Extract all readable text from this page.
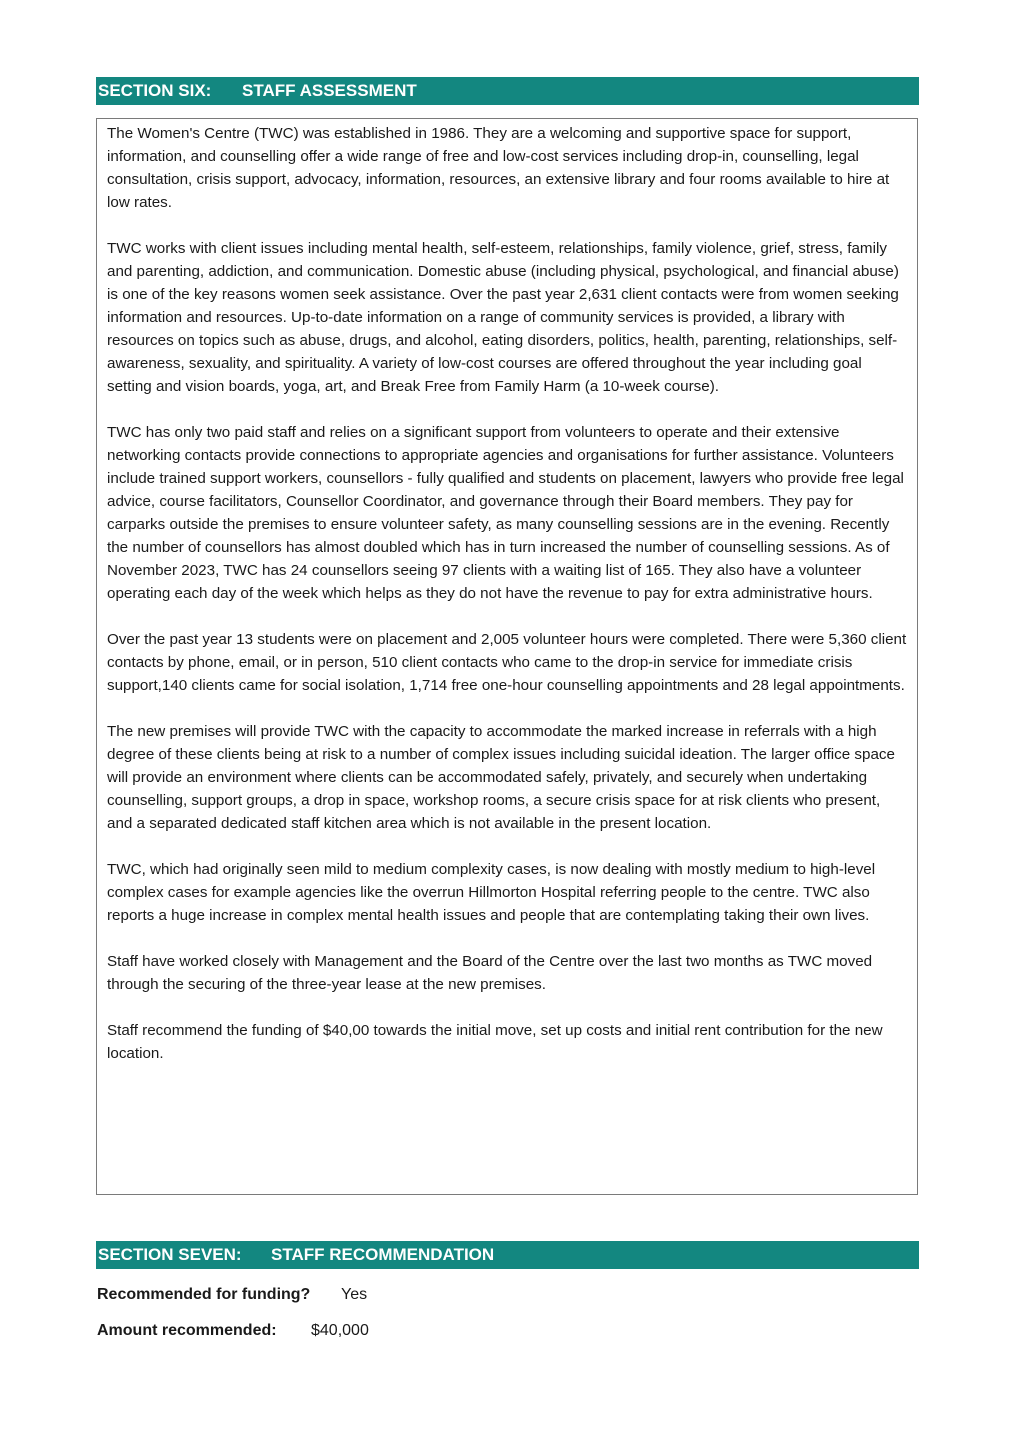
SECTION SIX: STAFF ASSESSMENT

The Women's Centre (TWC) was established in 1986. They are a welcoming and supportive space for support, information, and counselling offer a wide range of free and low-cost services including drop-in, counselling, legal consultation, crisis support, advocacy, information, resources, an extensive library and four rooms available to hire at low rates.

TWC works with client issues including mental health, self-esteem, relationships, family violence, grief, stress, family and parenting, addiction, and communication. Domestic abuse (including physical, psychological, and financial abuse) is one of the key reasons women seek assistance. Over the past year 2,631 client contacts were from women seeking information and resources. Up-to-date information on a range of community services is provided, a library with resources on topics such as abuse, drugs, and alcohol, eating disorders, politics, health, parenting, relationships, self-awareness, sexuality, and spirituality. A variety of low-cost courses are offered throughout the year including goal setting and vision boards, yoga, art, and Break Free from Family Harm (a 10-week course).

TWC has only two paid staff and relies on a significant support from volunteers to operate and their extensive networking contacts provide connections to appropriate agencies and organisations for further assistance. Volunteers include trained support workers, counsellors - fully qualified and students on placement, lawyers who provide free legal advice, course facilitators, Counsellor Coordinator, and governance through their Board members. They pay for carparks outside the premises to ensure volunteer safety, as many counselling sessions are in the evening. Recently the number of counsellors has almost doubled which has in turn increased the number of counselling sessions. As of November 2023, TWC has 24 counsellors seeing 97 clients with a waiting list of 165. They also have a volunteer operating each day of the week which helps as they do not have the revenue to pay for extra administrative hours.

Over the past year 13 students were on placement and 2,005 volunteer hours were completed. There were 5,360 client contacts by phone, email, or in person, 510 client contacts who came to the drop-in service for immediate crisis support,140 clients came for social isolation, 1,714 free one-hour counselling appointments and 28 legal appointments.

The new premises will provide TWC with the capacity to accommodate the marked increase in referrals with a high degree of these clients being at risk to a number of complex issues including suicidal ideation. The larger office space will provide an environment where clients can be accommodated safely, privately, and securely when undertaking counselling, support groups, a drop in space, workshop rooms, a secure crisis space for at risk clients who present, and a separated dedicated staff kitchen area which is not available in the present location.

TWC, which had originally seen mild to medium complexity cases, is now dealing with mostly medium to high-level complex cases for example agencies like the overrun Hillmorton Hospital referring people to the centre. TWC also reports a huge increase in complex mental health issues and people that are contemplating taking their own lives.

Staff have worked closely with Management and the Board of the Centre over the last two months as TWC moved through the securing of the three-year lease at the new premises.

Staff recommend the funding of $40,00 towards the initial move, set up costs and initial rent contribution for the new location.

SECTION SEVEN: STAFF RECOMMENDATION
Recommended for funding? Yes
Amount recommended: $40,000
